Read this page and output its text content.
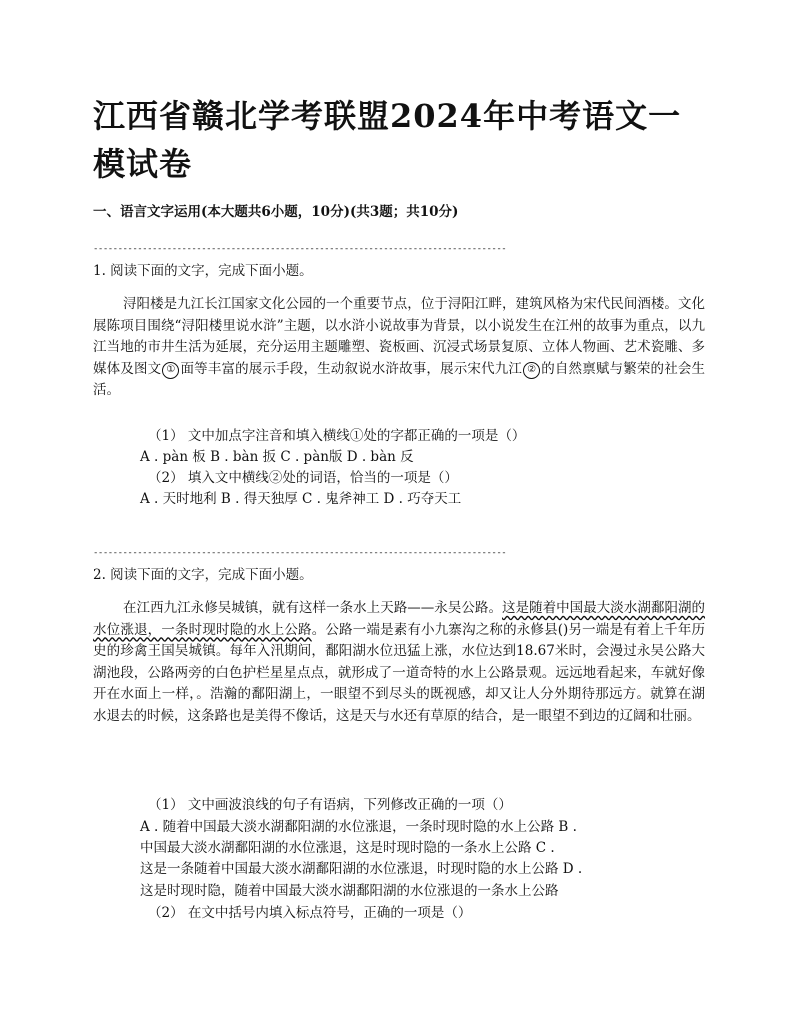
江西省赣北学考联盟2024年中考语文一模试卷
一、语言文字运用(本大题共6小题，10分)(共3题；共10分)
------------------------------------------------------------------------------------
1. 阅读下面的文字，完成下面小题。
浔阳楼是九江长江国家文化公园的一个重要节点，位于浔阳江畔，建筑风格为宋代民间酒楼。文化展陈项目围绕“浔阳楼里说水浒”主题，以水浒小说故事为背景，以小说发生在江州的故事为重点，以九江当地的市井生活为延展，充分运用主题雕塑、瓷板画、沉浸式场景复原、立体人物画、艺术瓷雕、多媒体及图文 ① 面等丰富的展示手段，生动叙说水浒故事，展示宋代九江 ② 的自然禀赋与繁荣的社会生活。
（1） 文中加点字注音和填入横线①处的字都正确的一项是（）
A . pàn 板 B . bàn 扳 C . pàn版 D . bàn 反
（2） 填入文中横线②处的词语，恰当的一项是（）
A . 天时地利 B . 得天独厚 C . 鬼斧神工 D . 巧夺天工
------------------------------------------------------------------------------------
2. 阅读下面的文字，完成下面小题。
在江西九江永修吴城镇，就有这样一条水上天路——永吴公路。这是随着中国最大淡水湖鄱阳湖的水位涨退，一条时现时隐的水上公路。公路一端是素有小九寨沟之称的永修县()另一端是有着上千年历史的珍禽王国吴城镇。每年入汛期间，鄱阳湖水位迅猛上涨，水位达到18.67米时，会漫过永吴公路大湖池段，公路两旁的白色护栏星星点点，就形成了一道奇特的水上公路景观。远远地看起来，车就好像开在水面上一样，。浩瀚的鄱阳湖上，一眼望不到尽头的既视感，却又让人分外期待那远方。就算在湖水退去的时候，这条路也是美得不像话，这是天与水还有草原的结合，是一眼望不到边的辽阔和壮丽。
（1） 文中画波浪线的句子有语病，下列修改正确的一项（）
A . 随着中国最大淡水湖鄱阳湖的水位涨退，一条时现时隐的水上公路 B .
中国最大淡水湖鄱阳湖的水位涨退，这是时现时隐的一条水上公路 C .
这是一条随着中国最大淡水湖鄱阳湖的水位涨退，时现时隐的水上公路 D .
这是时现时隐，随着中国最大淡水湖鄱阳湖的水位涨退的一条水上公路
（2） 在文中括号内填入标点符号，正确的一项是（）
